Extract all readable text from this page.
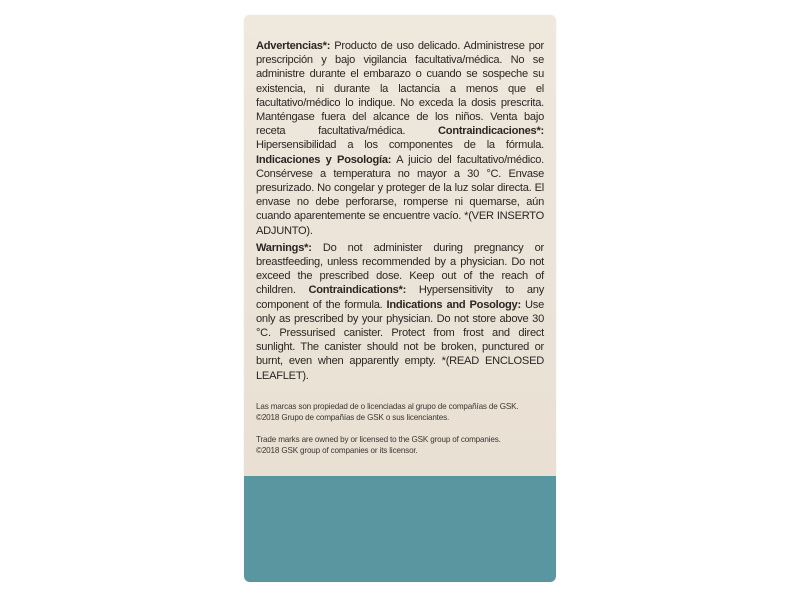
Advertencias*: Producto de uso delicado. Administrese por prescripción y bajo vigilancia facultativa/médica. No se administre durante el embarazo o cuando se sospeche su existencia, ni durante la lactancia a menos que el facultativo/médico lo indique. No exceda la dosis prescrita. Manténgase fuera del alcance de los niños. Venta bajo receta facultativa/médica. Contraindicaciones*: Hipersensibilidad a los componentes de la fórmula. Indicaciones y Posología: A juicio del facultativo/médico. Consérvese a temperatura no mayor a 30 °C. Envase presurizado. No congelar y proteger de la luz solar directa. El envase no debe perforarse, romperse ni quemarse, aún cuando aparentemente se encuentre vacío. *(VER INSERTO ADJUNTO).

Warnings*: Do not administer during pregnancy or breastfeeding, unless recommended by a physician. Do not exceed the prescribed dose. Keep out of the reach of children. Contraindications*: Hypersensitivity to any component of the formula. Indications and Posology: Use only as prescribed by your physician. Do not store above 30 °C. Pressurised canister. Protect from frost and direct sunlight. The canister should not be broken, punctured or burnt, even when apparently empty. *(READ ENCLOSED LEAFLET).

Las marcas son propiedad de o licenciadas al grupo de compañías de GSK.

©2018 Grupo de compañías de GSK o sus licenciantes.

Trade marks are owned by or licensed to the GSK group of companies.

©2018 GSK group of companies or its licensor.
